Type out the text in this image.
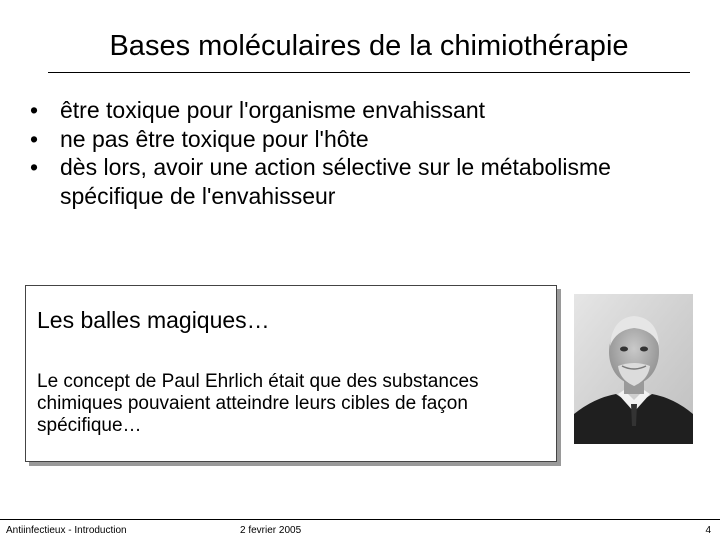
Bases moléculaires de la chimiothérapie
• être toxique pour l'organisme envahissant
• ne pas être toxique pour l'hôte
• dès lors, avoir une action sélective sur le métabolisme spécifique de l'envahisseur
Les balles magiques…
Le concept de Paul Ehrlich était que des substances chimiques pouvaient atteindre leurs cibles de façon spécifique…
Antiinfectieux - Introduction	2 fevrier 2005	4
